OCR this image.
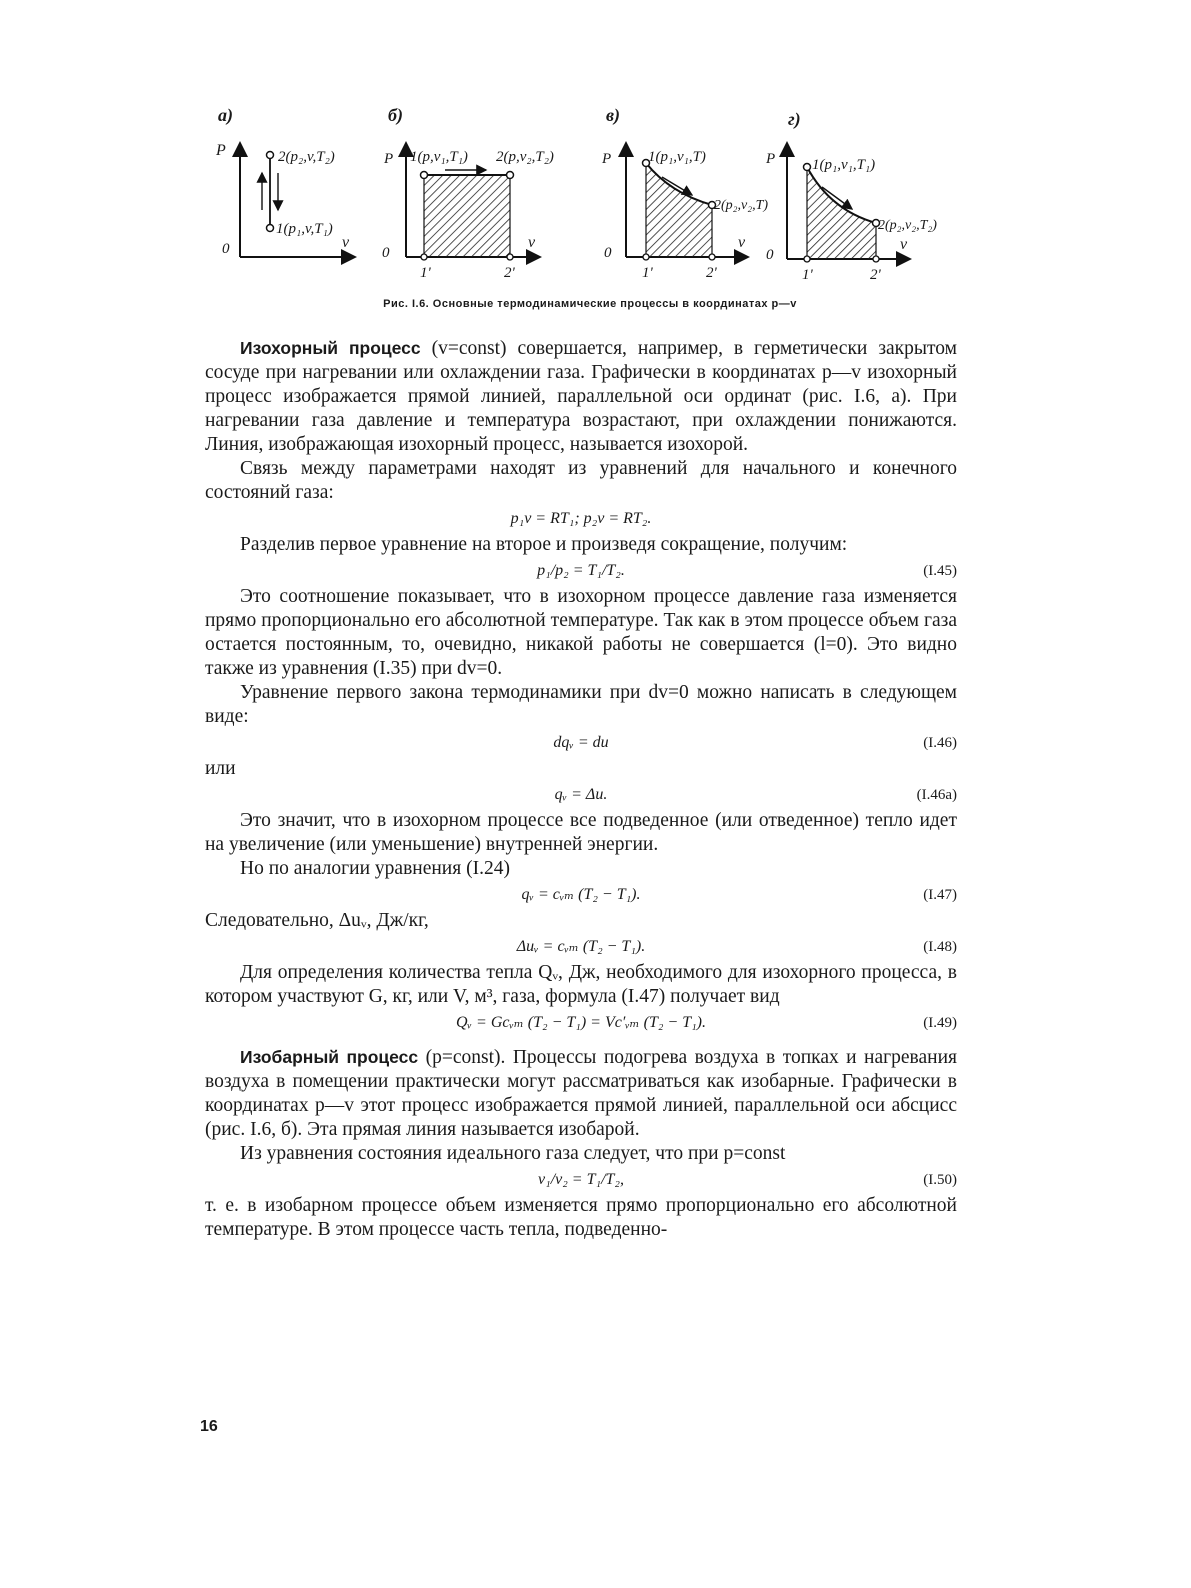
а)
P
v
0
2(p₂,v,T₂)
1(p₁,v,T₁)
б)
P
v
0
1(p,v₁,T₁) 2(p,v₂,T₂)
1'	2'
в)
P
v
0
1(p₁,v₁,T)
2(p₂,v₂,T)
1'	2'
г)
P
v
0
1(p₁,v₁,T₁)
2(p₂,v₂,T₂)
1'	2'
Рис. I.6. Основные термодинамические процессы в координатах p—v

Изохорный процесс (v=const) совершается, например, в герметически закрытом сосуде при нагревании или охлаждении газа. Графически в координатах p—v изохорный процесс изображается прямой линией, параллельной оси ординат (рис. I.6, а). При нагревании газа давление и температура возрастают, при охлаждении понижаются. Линия, изображающая изохорный процесс, называется изохорой.

Связь между параметрами находят из уравнений для начального и конечного состояний газа:

p₁v = RT₁; p₂v = RT₂.

Разделив первое уравнение на второе и произведя сокращение, получим:

p₁/p₂ = T₁/T₂.	(I.45)

Это соотношение показывает, что в изохорном процессе давление газа изменяется прямо пропорционально его абсолютной температуре. Так как в этом процессе объем газа остается постоянным, то, очевидно, никакой работы не совершается (l=0). Это видно также из уравнения (I.35) при dv=0.

Уравнение первого закона термодинамики при dv=0 можно написать в следующем виде:

dqᵥ = du	(I.46)

или

qᵥ = Δu.	(I.46а)

Это значит, что в изохорном процессе все подведенное (или отведенное) тепло идет на увеличение (или уменьшение) внутренней энергии.

Но по аналогии уравнения (I.24)

qᵥ = cᵥₘ (T₂ − T₁).	(I.47)

Следовательно, Δuᵥ, Дж/кг,

Δuᵥ = cᵥₘ (T₂ − T₁).	(I.48)

Для определения количества тепла Qᵥ, Дж, необходимого для изохорного процесса, в котором участвуют G, кг, или V, м³, газа, формула (I.47) получает вид

Qᵥ = Gcᵥₘ (T₂ − T₁) = Vc′ᵥₘ (T₂ − T₁).	(I.49)

Изобарный процесс (p=const). Процессы подогрева воздуха в топках и нагревания воздуха в помещении практически могут рассматриваться как изобарные. Графически в координатах p—v этот процесс изображается прямой линией, параллельной оси абсцисс (рис. I.6, б). Эта прямая линия называется изобарой.

Из уравнения состояния идеального газа следует, что при p=const

v₁/v₂ = T₁/T₂,	(I.50)

т. е. в изобарном процессе объем изменяется прямо пропорционально его абсолютной температуре. В этом процессе часть тепла, подведенно-

16
